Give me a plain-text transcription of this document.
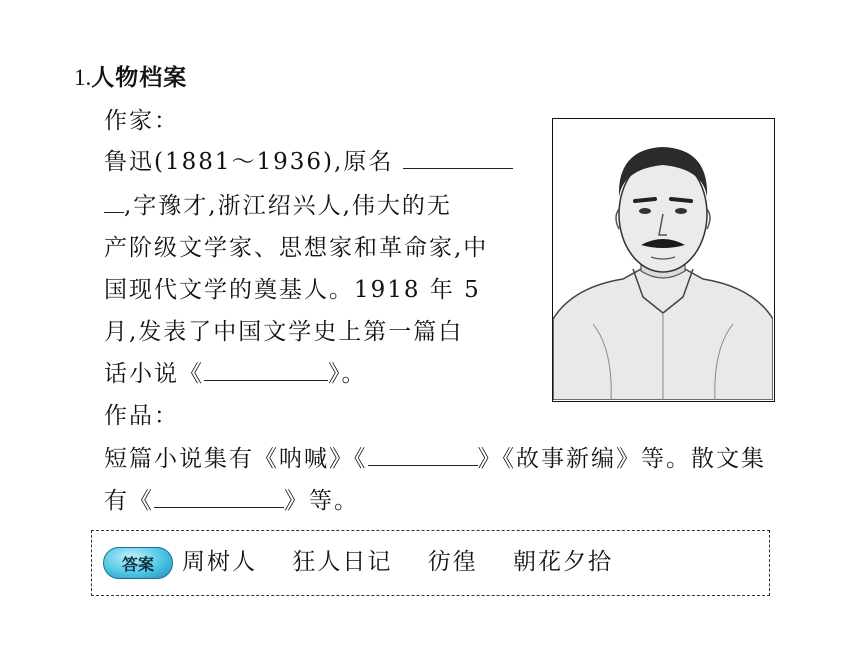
1.人物档案
作家：
鲁迅(1881～1936),原名
,字豫才,浙江绍兴人,伟大的无
产阶级文学家、思想家和革命家,中
国现代文学的奠基人。1918 年 5
月,发表了中国文学史上第一篇白
话小说《	》。
作品：
短篇小说集有《呐喊》《	》《故事新编》等。散文集
有《	》等。
答案	周树人 狂人日记 彷徨 朝花夕拾
